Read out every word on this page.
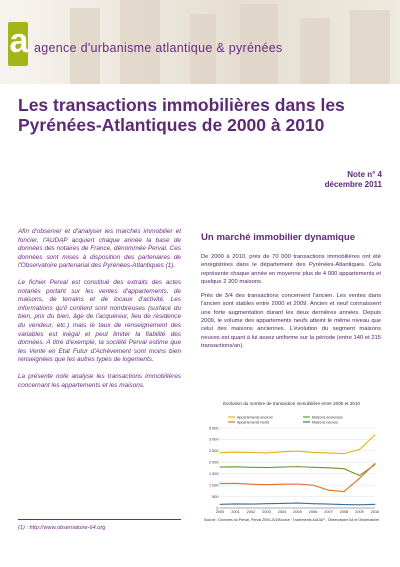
a agence d'urbanisme atlantique & pyrénées
Les transactions immobilières dans les Pyrénées-Atlantiques de 2000 à 2010
Note n° 4
décembre 2011

Afin d'observer et d'analyser les marchés immobilier et foncier, l'AUDAP acquiert chaque année la base de données des notaires de France, dénommée Perval. Ces données sont mises à disposition des partenaires de l'Observatoire partenarial des Pyrénées-Atlantiques (1).

Le fichier Perval est constitué des extraits des actes notariés portant sur les ventes d'appartements, de maisons, de terrains et de locaux d'activité. Les informations qu'il contient sont nombreuses (surface du bien, prix du bien, âge de l'acquéreur, lieu de résidence du vendeur, etc.) mais le taux de renseignement des variables est inégal et peut limiter la fiabilité des données. A titre d'exemple, la société Perval estime que les Vente en Etat Futur d'Achèvement sont moins bien renseignées que les autres types de logements.

La présente note analyse les transactions immobilières concernant les appartements et les maisons.

(1) : http://www.observatoire-64.org
Un marché immobilier dynamique

De 2000 à 2010, près de 70 000 transactions immobilières ont été enregistrées dans le département des Pyrénées-Atlantiques. Cela représente chaque année en moyenne plus de 4 000 appartements et quelque 2 200 maisons.

Près de 3/4 des transactions concernent l'ancien. Les ventes dans l'ancien sont stables entre 2000 et 2009. Ancien et neuf connaissent une forte augmentation durant les deux dernières années. Depuis 2009, le volume des appartements neufs atteint le même niveau que celui des maisons anciennes. L'évolution du segment maisons neuves est quant à lui assez uniforme sur la période (entre 140 et 215 transactions/an).

Evolution du nombre de transaction immobilière entre 2000 et 2010
3 500
3 000
2 500
2 000
1 500
1 000
500
0
2000 2001 2002 2003 2004 2005 2006 2007 2008 2009 2010
Appartements anciens	Maisons anciennes
Appartements neufs	Maisons neuves
Source : Données du Perval, Perval 2000-2010 Source : Traitements AUDAP - Observatoire 64 et Observatoire
